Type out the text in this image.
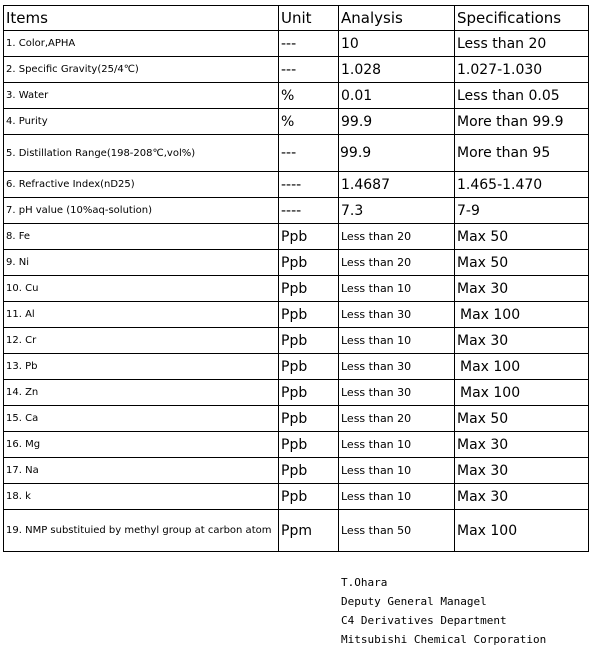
Items	Unit	Analysis	Specifications
1. Color,APHA	---	10	Less than 20
2. Specific Gravity(25/4℃)	---	1.028	1.027-1.030
3. Water	%	0.01	Less than 0.05
4. Purity	%	99.9	More than 99.9
5. Distillation Range(198-208℃,vol%)	---	99.9	More than 95
6. Refractive Index(nD25)	----	1.4687	1.465-1.470
7. pH value (10%aq-solution)	----	7.3	7-9
8. Fe	Ppb	Less than 20	Max 50
9. Ni	Ppb	Less than 20	Max 50
10. Cu	Ppb	Less than 10	Max 30
11. Al	Ppb	Less than 30	Max 100
12. Cr	Ppb	Less than 10	Max 30
13. Pb	Ppb	Less than 30	Max 100
14. Zn	Ppb	Less than 30	Max 100
15. Ca	Ppb	Less than 20	Max 50
16. Mg	Ppb	Less than 10	Max 30
17. Na	Ppb	Less than 10	Max 30
18. k	Ppb	Less than 10	Max 30
19. NMP substituied by methyl group at carbon atom	Ppm	Less than 50	Max 100
T.Ohara
Deputy General Managel
C4 Derivatives Department
Mitsubishi Chemical Corporation
